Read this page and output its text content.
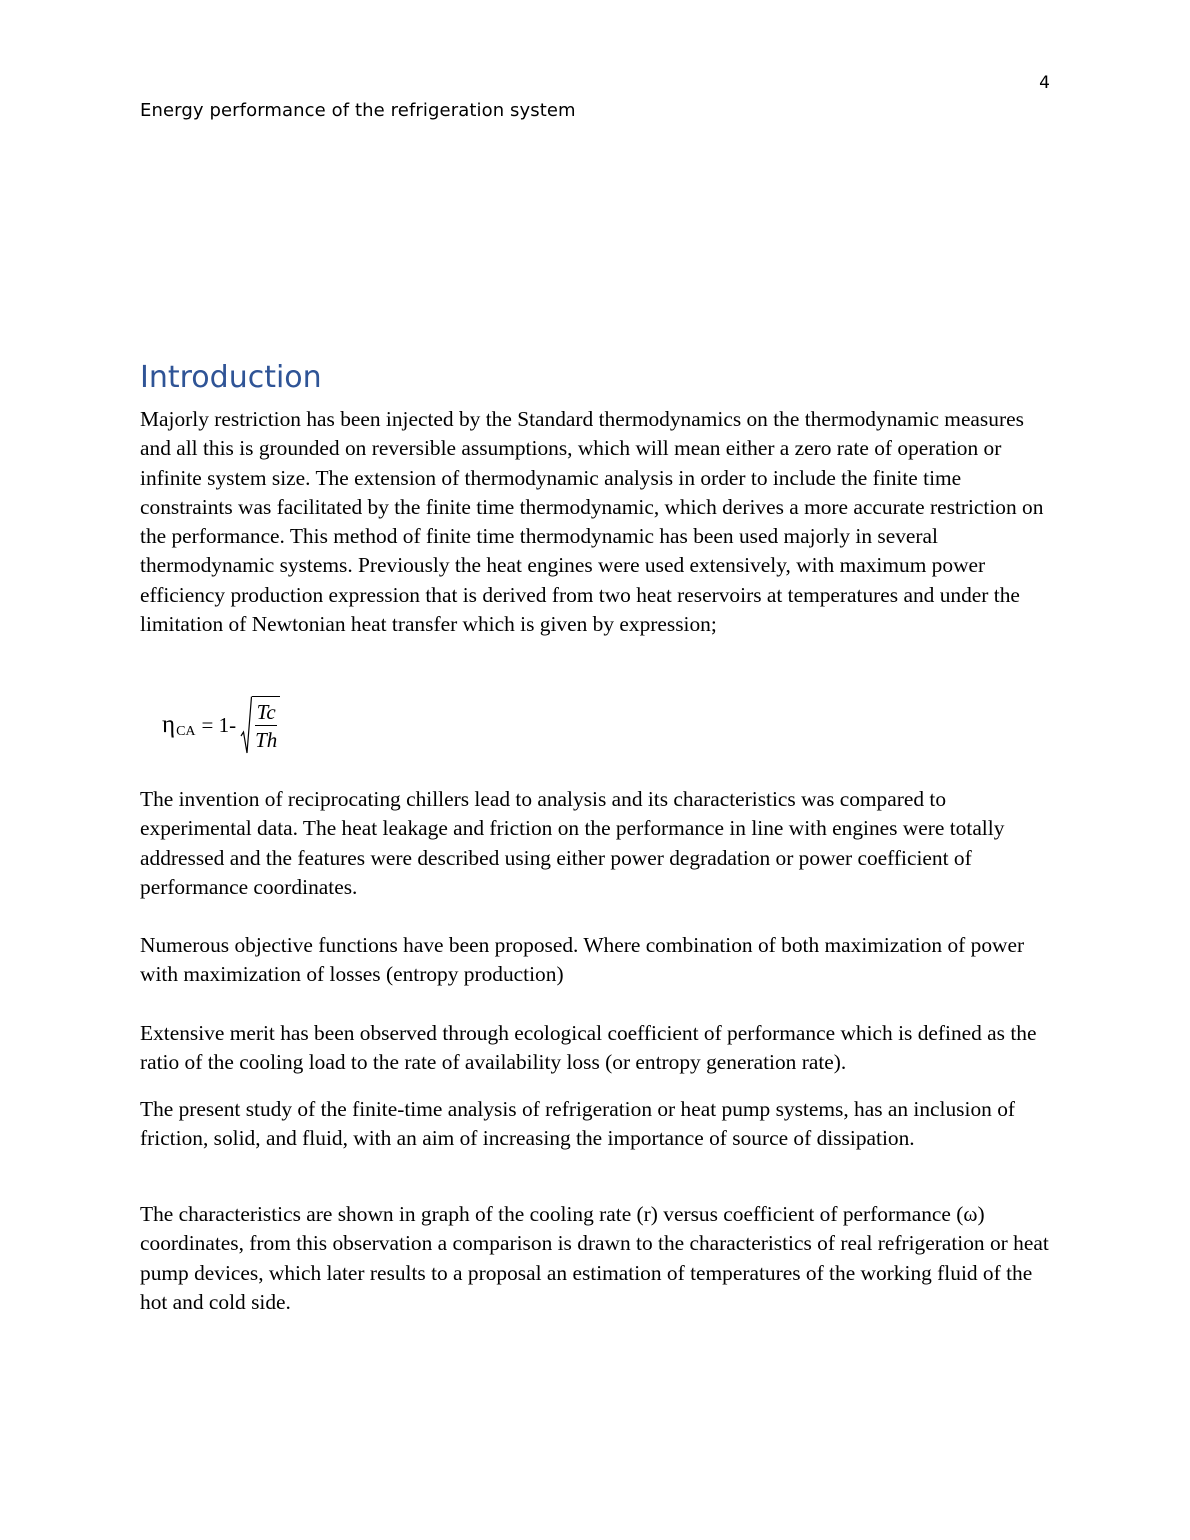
4
Energy performance of the refrigeration system
Introduction

Majorly restriction has been injected by the Standard thermodynamics on the thermodynamic measures and all this is grounded on reversible assumptions, which will mean either a zero rate of operation or infinite system size. The extension of thermodynamic analysis in order to include the finite time constraints was facilitated by the finite time thermodynamic, which derives a more accurate restriction on the performance. This method of finite time thermodynamic has been used majorly in several thermodynamic systems. Previously the heat engines were used extensively, with maximum power efficiency production expression that is derived from two heat reservoirs at temperatures and under the limitation of Newtonian heat transfer which is given by expression;

η CA = $1- \frac{Tc}{Th}$

The invention of reciprocating chillers lead to analysis and its characteristics was compared to experimental data. The heat leakage and friction on the performance in line with engines were totally addressed and the features were described using either power degradation or power coefficient of performance coordinates.

Numerous objective functions have been proposed. Where combination of both maximization of power with maximization of losses (entropy production)

Extensive merit has been observed through ecological coefficient of performance which is defined as the ratio of the cooling load to the rate of availability loss (or entropy generation rate).

The present study of the finite-time analysis of refrigeration or heat pump systems, has an inclusion of friction, solid, and fluid, with an aim of increasing the importance of source of dissipation.

The characteristics are shown in graph of the cooling rate (r) versus coefficient of performance (ω) coordinates, from this observation a comparison is drawn to the characteristics of real refrigeration or heat pump devices, which later results to a proposal an estimation of temperatures of the working fluid of the hot and cold side.
